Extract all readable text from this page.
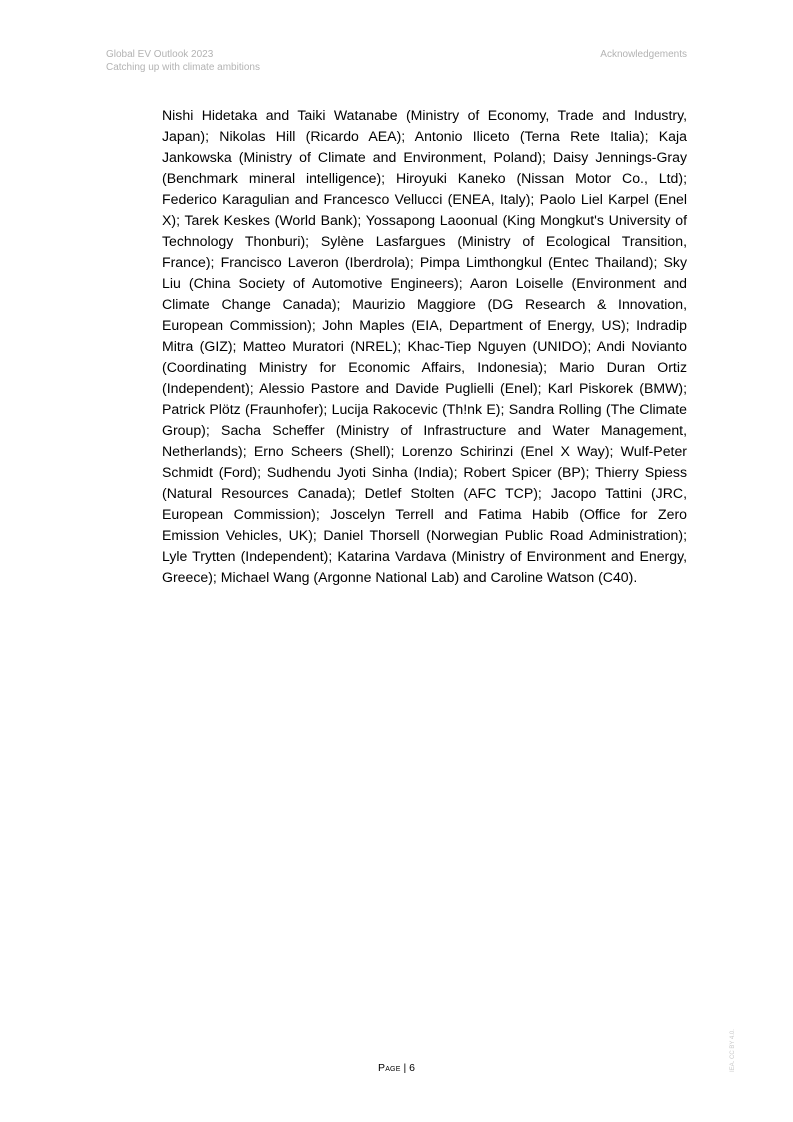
Global EV Outlook 2023
Catching up with climate ambitions
Acknowledgements

Nishi Hidetaka and Taiki Watanabe (Ministry of Economy, Trade and Industry, Japan); Nikolas Hill (Ricardo AEA); Antonio Iliceto (Terna Rete Italia); Kaja Jankowska (Ministry of Climate and Environment, Poland); Daisy Jennings-Gray (Benchmark mineral intelligence); Hiroyuki Kaneko (Nissan Motor Co., Ltd); Federico Karagulian and Francesco Vellucci (ENEA, Italy); Paolo Liel Karpel (Enel X); Tarek Keskes (World Bank); Yossapong Laoonual (King Mongkut's University of Technology Thonburi); Sylène Lasfargues (Ministry of Ecological Transition, France); Francisco Laveron (Iberdrola); Pimpa Limthongkul (Entec Thailand); Sky Liu (China Society of Automotive Engineers); Aaron Loiselle (Environment and Climate Change Canada); Maurizio Maggiore (DG Research & Innovation, European Commission); John Maples (EIA, Department of Energy, US); Indradip Mitra (GIZ); Matteo Muratori (NREL); Khac-Tiep Nguyen (UNIDO); Andi Novianto (Coordinating Ministry for Economic Affairs, Indonesia); Mario Duran Ortiz (Independent); Alessio Pastore and Davide Puglielli (Enel); Karl Piskorek (BMW); Patrick Plötz (Fraunhofer); Lucija Rakocevic (Th!nk E); Sandra Rolling (The Climate Group); Sacha Scheffer (Ministry of Infrastructure and Water Management, Netherlands); Erno Scheers (Shell); Lorenzo Schirinzi (Enel X Way); Wulf-Peter Schmidt (Ford); Sudhendu Jyoti Sinha (India); Robert Spicer (BP); Thierry Spiess (Natural Resources Canada); Detlef Stolten (AFC TCP); Jacopo Tattini (JRC, European Commission); Joscelyn Terrell and Fatima Habib (Office for Zero Emission Vehicles, UK); Daniel Thorsell (Norwegian Public Road Administration); Lyle Trytten (Independent); Katarina Vardava (Ministry of Environment and Energy, Greece); Michael Wang (Argonne National Lab) and Caroline Watson (C40).

Page | 6	IEA. CC BY 4.0.
